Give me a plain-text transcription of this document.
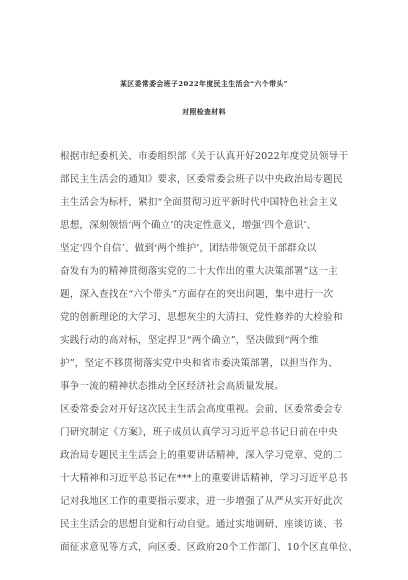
某区委常委会班子2022年度民主生活会“六个带头”
对照检查材料
根据市纪委机关、市委组织部《关于认真开好2022年度党员领导干
部民主生活会的通知》要求，区委常委会班子以中央政治局专题民
主生活会为标杆，紧扣“全面贯彻习近平新时代中国特色社会主义
思想，深刻领悟‘两个确立’的决定性意义，增强‘四个意识’、
坚定‘四个自信’、做到‘两个维护’，团结带领党员干部群众以
奋发有为的精神贯彻落实党的二十大作出的重大决策部署”这一主
题，深入查找在“六个带头”方面存在的突出问题，集中进行一次
党的创新理论的大学习、思想灰尘的大清扫、党性修养的大检验和
实践行动的高对标，坚定捍卫“两个确立”，坚决做到“两个维
护”，坚定不移贯彻落实党中央和省市委决策部署，以担当作为、
事争一流的精神状态推动全区经济社会高质量发展。
区委常委会对开好这次民主生活会高度重视。会前，区委常委会专
门研究制定《方案》，班子成员认真学习习近平总书记日前在中央
政治局专题民主生活会上的重要讲话精神，深入学习党章、党的二
十大精神和习近平总书记在***上的重要讲话精神，学习习近平总书
记对我地区工作的重要指示要求，进一步增强了从严从实开好此次
民主生活会的思想自觉和行动自觉。通过实地调研、座谈访谈、书
面征求意见等方式，向区委、区政府20个工作部门、10个区直单位、
